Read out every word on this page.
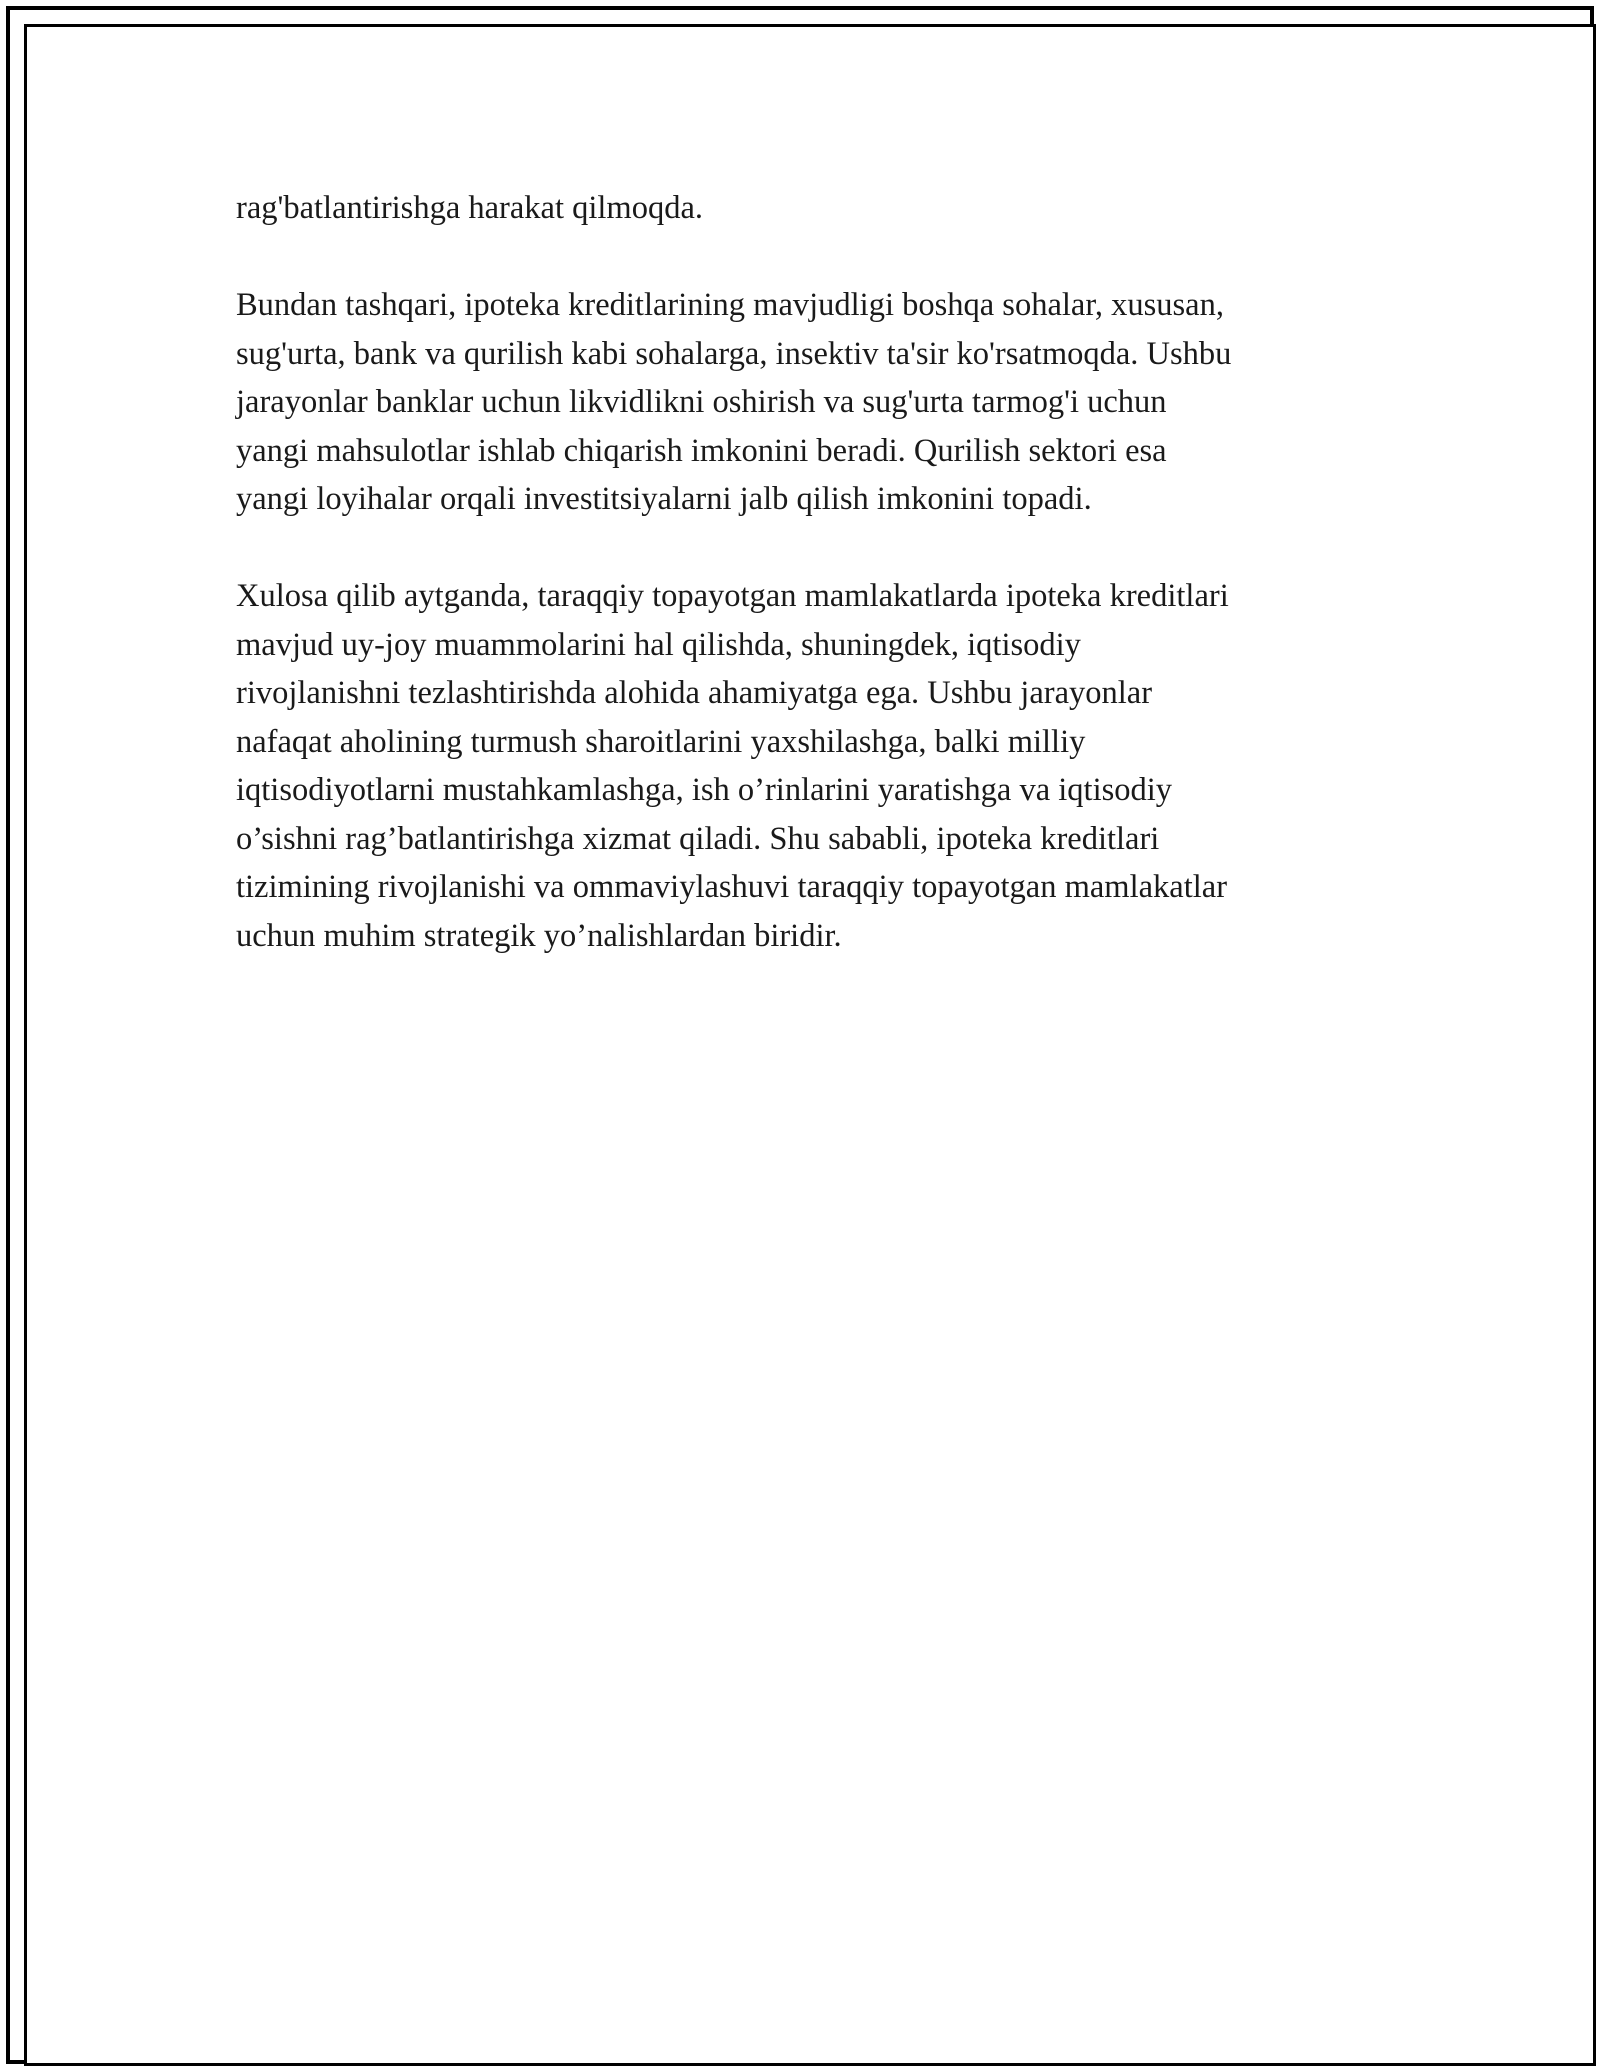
rag'batlantirishga harakat qilmoqda.

Bundan tashqari, ipoteka kreditlarining mavjudligi boshqa sohalar, xususan,
sug'urta, bank va qurilish kabi sohalarga, insektiv ta'sir ko'rsatmoqda. Ushbu
jarayonlar banklar uchun likvidlikni oshirish va sug'urta tarmog'i uchun
yangi mahsulotlar ishlab chiqarish imkonini beradi. Qurilish sektori esa
yangi loyihalar orqali investitsiyalarni jalb qilish imkonini topadi.

Xulosa qilib aytganda, taraqqiy topayotgan mamlakatlarda ipoteka kreditlari
mavjud uy-joy muammolarini hal qilishda, shuningdek, iqtisodiy
rivojlanishni tezlashtirishda alohida ahamiyatga ega. Ushbu jarayonlar
nafaqat aholining turmush sharoitlarini yaxshilashga, balki milliy
iqtisodiyotlarni mustahkamlashga, ish o’rinlarini yaratishga va iqtisodiy
o’sishni rag’batlantirishga xizmat qiladi. Shu sababli, ipoteka kreditlari
tizimining rivojlanishi va ommaviylashuvi taraqqiy topayotgan mamlakatlar
uchun muhim strategik yo’nalishlardan biridir.
